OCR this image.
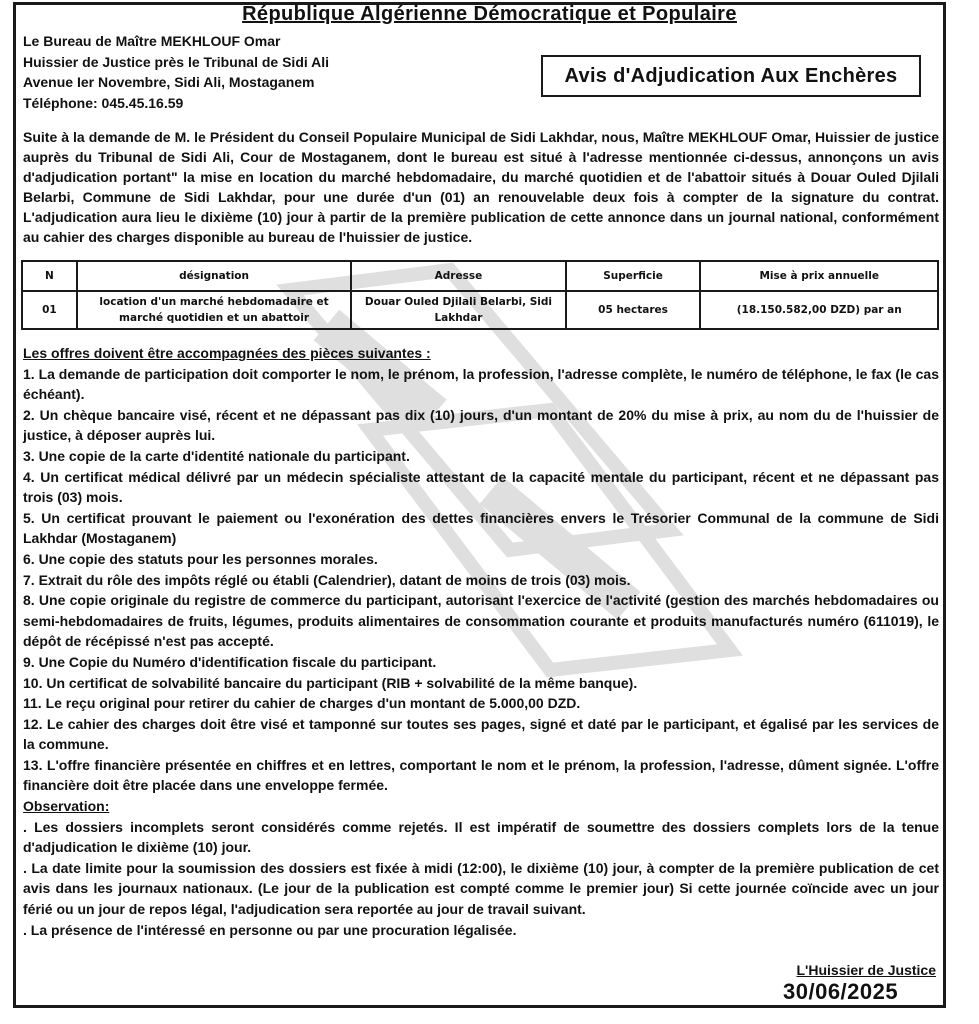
République Algérienne Démocratique et Populaire
Le Bureau de Maître MEKHLOUF Omar
Huissier de Justice près le Tribunal de Sidi Ali
Avenue Ier Novembre, Sidi Ali, Mostaganem
Téléphone: 045.45.16.59
Avis d'Adjudication Aux Enchères
Suite à la demande de M. le Président du Conseil Populaire Municipal de Sidi Lakhdar, nous, Maître MEKHLOUF Omar, Huissier de justice auprès du Tribunal de Sidi Ali, Cour de Mostaganem, dont le bureau est situé à l'adresse mentionnée ci-dessus, annonçons un avis d'adjudication portant" la mise en location du marché hebdomadaire, du marché quotidien et de l'abattoir situés à Douar Ouled Djilali Belarbi, Commune de Sidi Lakhdar, pour une durée d'un (01) an renouvelable deux fois à compter de la signature du contrat. L'adjudication aura lieu le dixième (10) jour à partir de la première publication de cette annonce dans un journal national, conformément au cahier des charges disponible au bureau de l'huissier de justice.
N	désignation	Adresse	Superficie	Mise à prix annuelle
01	location d'un marché hebdomadaire et marché quotidien et un abattoir	Douar Ouled Djilali Belarbi, Sidi Lakhdar	05 hectares	(18.150.582,00 DZD) par an

Les offres doivent être accompagnées des pièces suivantes :

1. La demande de participation doit comporter le nom, le prénom, la profession, l'adresse complète, le numéro de téléphone, le fax (le cas échéant).

2. Un chèque bancaire visé, récent et ne dépassant pas dix (10) jours, d'un montant de 20% du mise à prix, au nom du de l'huissier de justice, à déposer auprès lui.

3. Une copie de la carte d'identité nationale du participant.

4. Un certificat médical délivré par un médecin spécialiste attestant de la capacité mentale du participant, récent et ne dépassant pas trois (03) mois.

5. Un certificat prouvant le paiement ou l'exonération des dettes financières envers le Trésorier Communal de la commune de Sidi Lakhdar (Mostaganem)

6. Une copie des statuts pour les personnes morales.

7. Extrait du rôle des impôts réglé ou établi (Calendrier), datant de moins de trois (03) mois.

8. Une copie originale du registre de commerce du participant, autorisant l'exercice de l'activité (gestion des marchés hebdomadaires ou semi-hebdomadaires de fruits, légumes, produits alimentaires de consommation courante et produits manufacturés numéro (611019), le dépôt de récépissé n'est pas accepté.

9. Une Copie du Numéro d'identification fiscale du participant.

10. Un certificat de solvabilité bancaire du participant (RIB + solvabilité de la même banque).

11. Le reçu original pour retirer du cahier de charges d'un montant de 5.000,00 DZD.

12. Le cahier des charges doit être visé et tamponné sur toutes ses pages, signé et daté par le participant, et égalisé par les services de la commune.

13. L'offre financière présentée en chiffres et en lettres, comportant le nom et le prénom, la profession, l'adresse, dûment signée. L'offre financière doit être placée dans une enveloppe fermée.

Observation:

. Les dossiers incomplets seront considérés comme rejetés. Il est impératif de soumettre des dossiers complets lors de la tenue d'adjudication le dixième (10) jour.

. La date limite pour la soumission des dossiers est fixée à midi (12:00), le dixième (10) jour, à compter de la première publication de cet avis dans les journaux nationaux. (Le jour de la publication est compté comme le premier jour) Si cette journée coïncide avec un jour férié ou un jour de repos légal, l'adjudication sera reportée au jour de travail suivant.

. La présence de l'intéressé en personne ou par une procuration légalisée.

L'Huissier de Justice
30/06/2025
